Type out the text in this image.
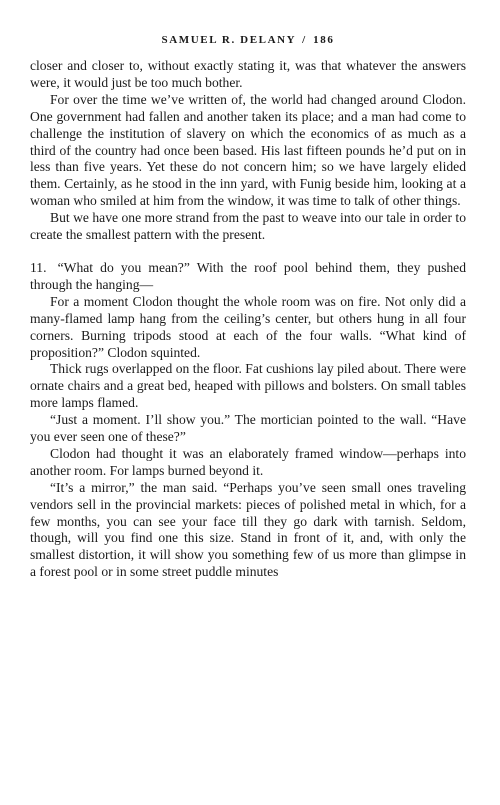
SAMUEL R. DELANY / 186

closer and closer to, without exactly stating it, was that whatever the answers were, it would just be too much bother.

For over the time we’ve written of, the world had changed around Clodon. One government had fallen and another taken its place; and a man had come to challenge the institution of slavery on which the economics of as much as a third of the country had once been based. His last fifteen pounds he’d put on in less than five years. Yet these do not concern him; so we have largely elided them. Certainly, as he stood in the inn yard, with Funig beside him, looking at a woman who smiled at him from the window, it was time to talk of other things.

But we have one more strand from the past to weave into our tale in order to create the smallest pattern with the present.

11. “What do you mean?” With the roof pool behind them, they pushed through the hanging—

For a moment Clodon thought the whole room was on fire. Not only did a many-flamed lamp hang from the ceiling’s center, but others hung in all four corners. Burning tripods stood at each of the four walls. “What kind of proposition?” Clodon squinted.

Thick rugs overlapped on the floor. Fat cushions lay piled about. There were ornate chairs and a great bed, heaped with pillows and bolsters. On small tables more lamps flamed.

“Just a moment. I’ll show you.” The mortician pointed to the wall. “Have you ever seen one of these?”

Clodon had thought it was an elaborately framed window—perhaps into another room. For lamps burned beyond it.

“It’s a mirror,” the man said. “Perhaps you’ve seen small ones traveling vendors sell in the provincial markets: pieces of polished metal in which, for a few months, you can see your face till they go dark with tarnish. Seldom, though, will you find one this size. Stand in front of it, and, with only the smallest distortion, it will show you something few of us more than glimpse in a forest pool or in some street puddle minutes
